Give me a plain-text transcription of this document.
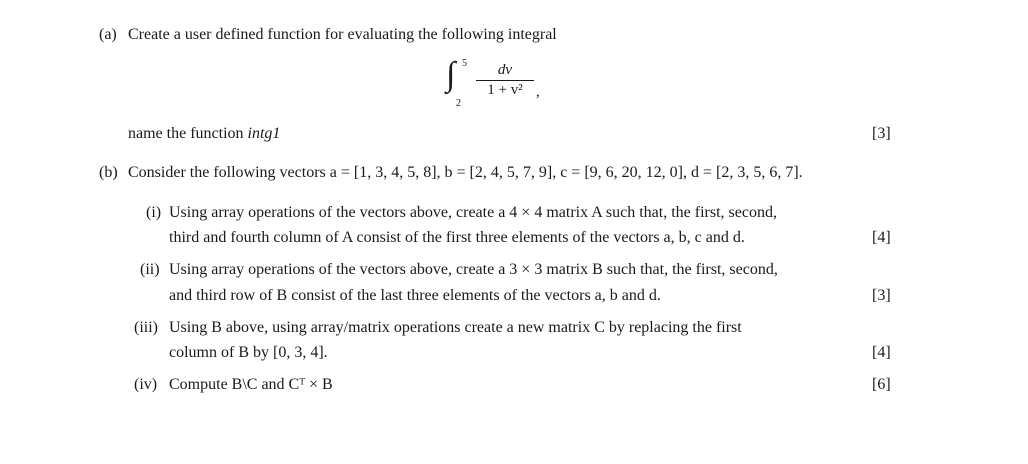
(a) Create a user defined function for evaluating the following integral
∫ 5
2
$\frac{dv}{\text{1 + v²}}$ ,
name the function intg1	[3]
(b) Consider the following vectors a = [1, 3, 4, 5, 8], b = [2, 4, 5, 7, 9], c = [9, 6, 20, 12, 0], d = [2, 3, 5, 6, 7].
(i) Using array operations of the vectors above, create a 4 × 4 matrix A such that, the first, second,
third and fourth column of A consist of the first three elements of the vectors a, b, c and d.	[4]
(ii) Using array operations of the vectors above, create a 3 × 3 matrix B such that, the first, second,
and third row of B consist of the last three elements of the vectors a, b and d.	[3]
(iii) Using B above, using array/matrix operations create a new matrix C by replacing the first
column of B by [0, 3, 4].	[4]
(iv) Compute B\C and Cᵀ × B	[6]
